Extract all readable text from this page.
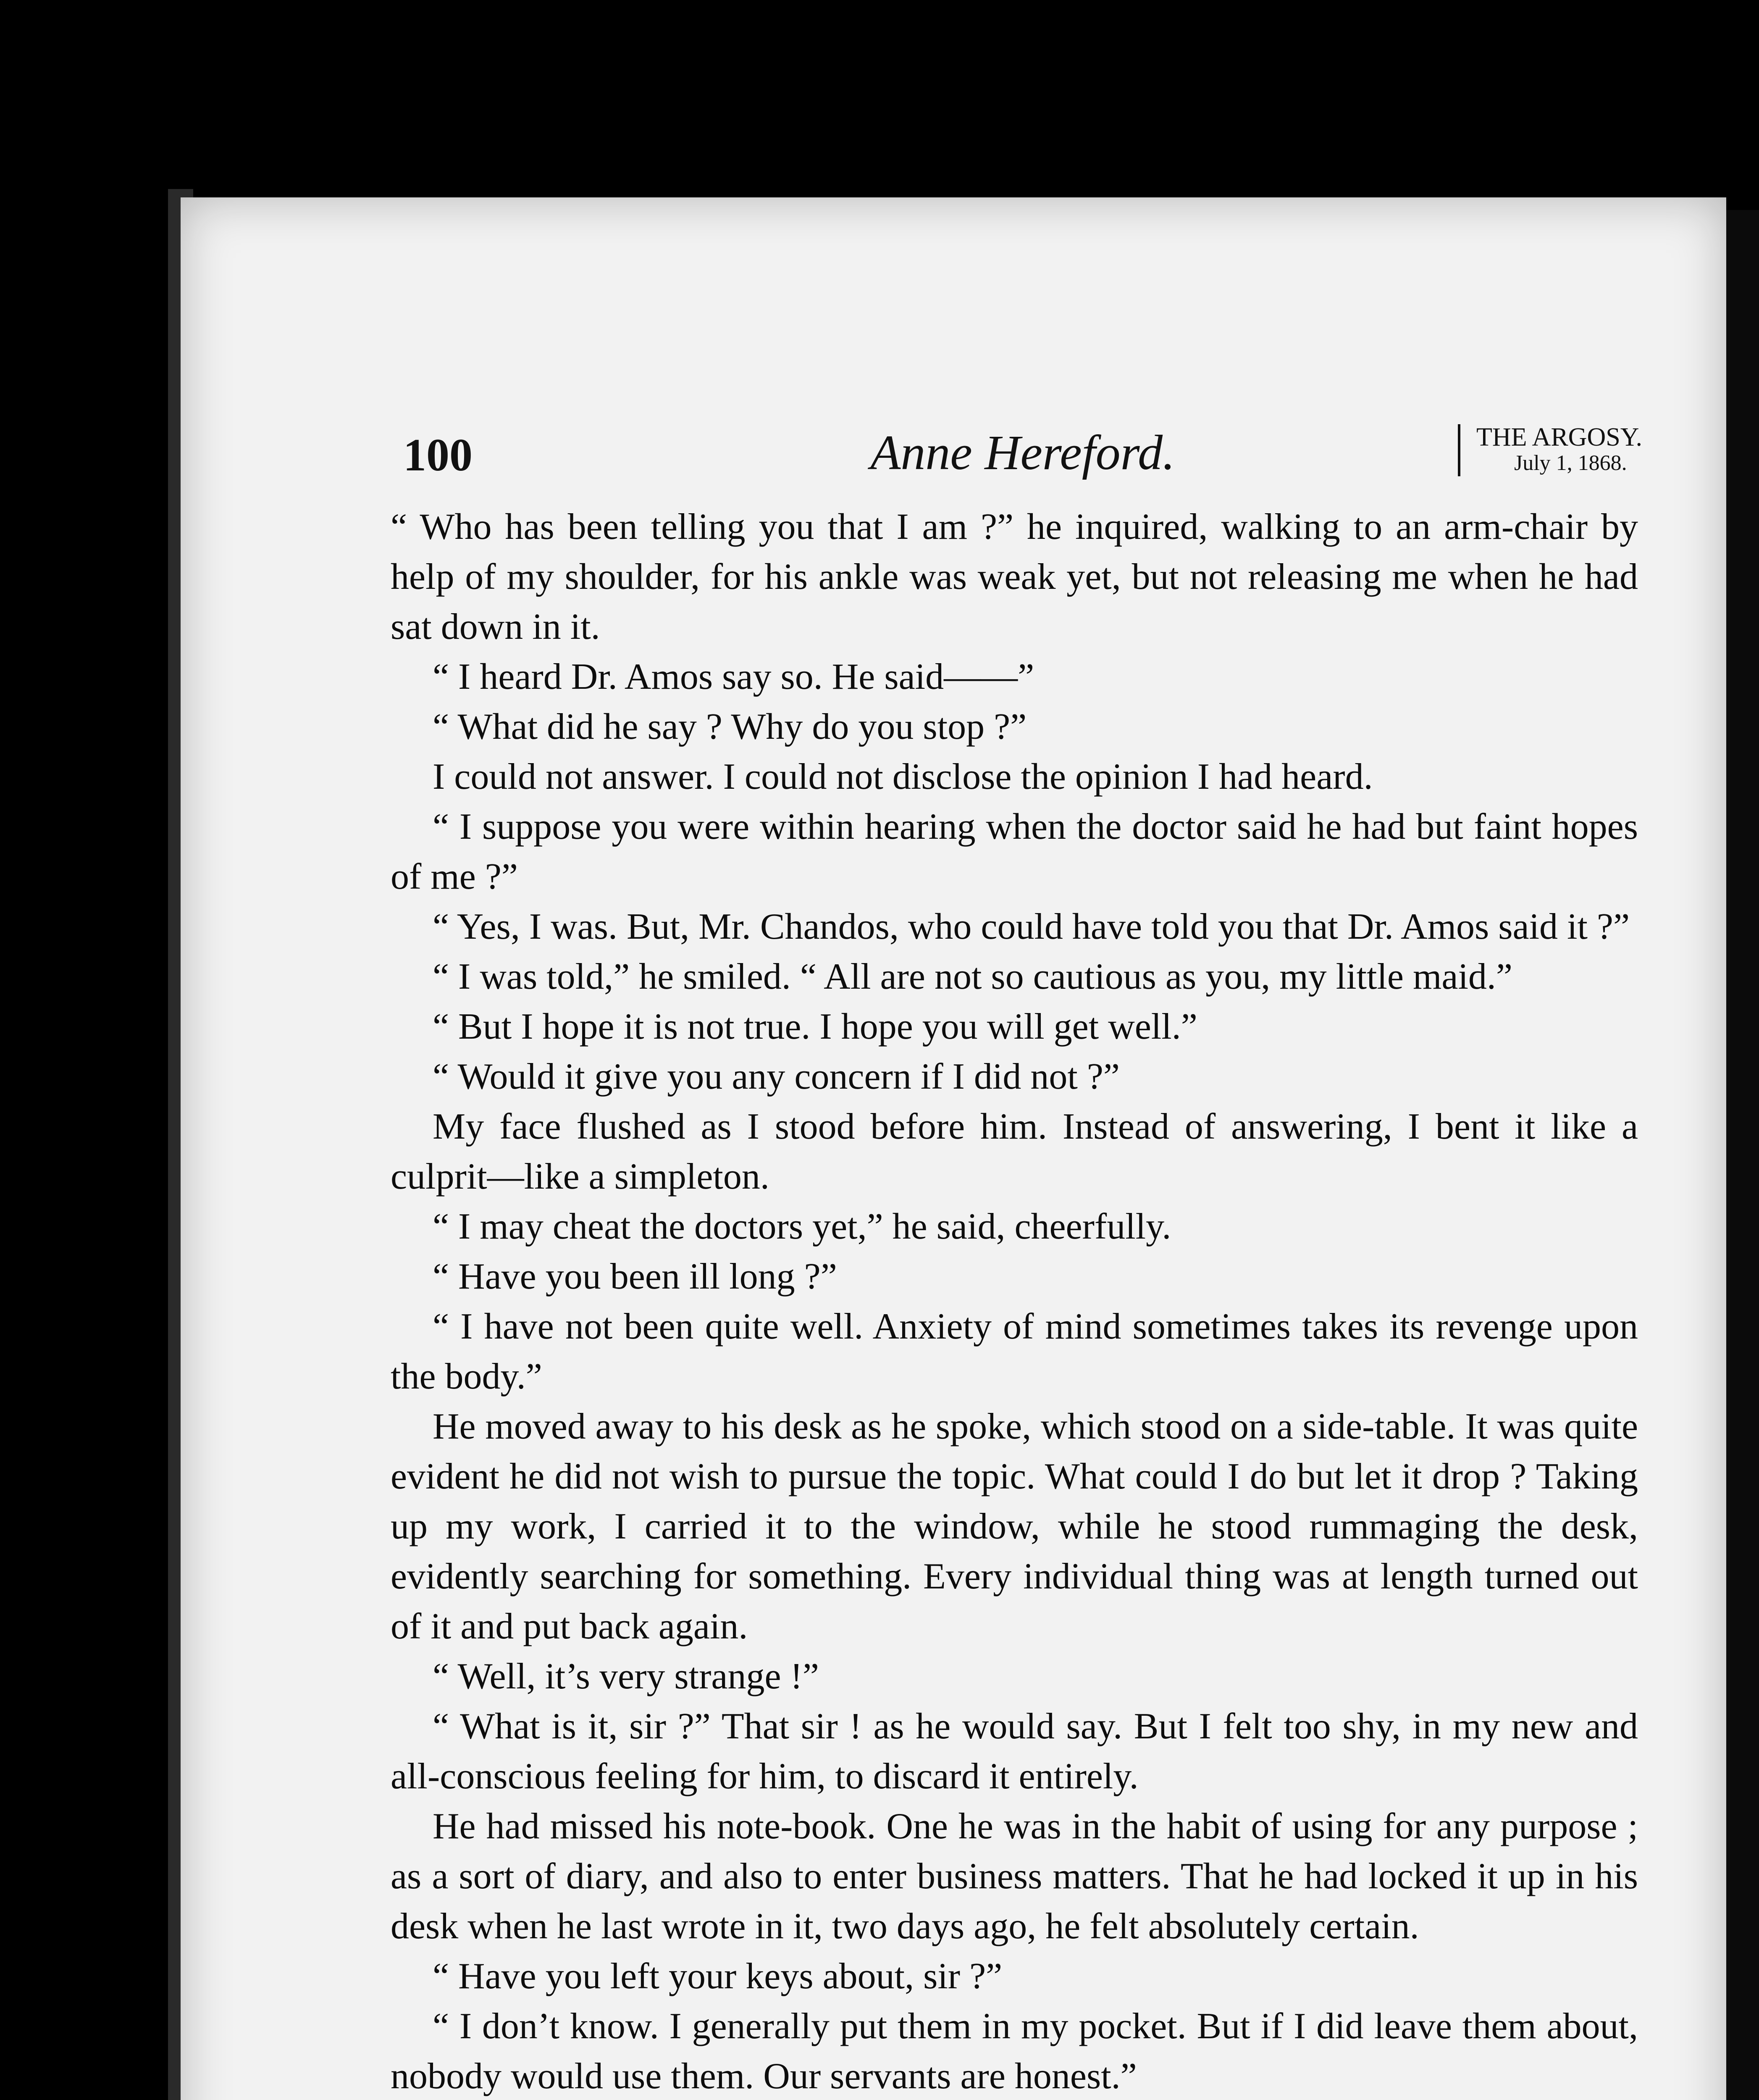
100	Anne Hereford.	THE ARGOSY.
July 1, 1868.

“ Who has been telling you that I am ?” he inquired, walking to an arm-chair by help of my shoulder, for his ankle was weak yet, but not releasing me when he had sat down in it.

“ I heard Dr. Amos say so. He said——”

“ What did he say ? Why do you stop ?”

I could not answer. I could not disclose the opinion I had heard.

“ I suppose you were within hearing when the doctor said he had but faint hopes of me ?”

“ Yes, I was. But, Mr. Chandos, who could have told you that Dr. Amos said it ?”

“ I was told,” he smiled. “ All are not so cautious as you, my little maid.”

“ But I hope it is not true. I hope you will get well.”

“ Would it give you any concern if I did not ?”

My face flushed as I stood before him. Instead of answering, I bent it like a culprit—like a simpleton.

“ I may cheat the doctors yet,” he said, cheerfully.

“ Have you been ill long ?”

“ I have not been quite well. Anxiety of mind sometimes takes its revenge upon the body.”

He moved away to his desk as he spoke, which stood on a side-table. It was quite evident he did not wish to pursue the topic. What could I do but let it drop ? Taking up my work, I carried it to the window, while he stood rummaging the desk, evidently searching for something. Every individual thing was at length turned out of it and put back again.

“ Well, it’s very strange !”

“ What is it, sir ?” That sir ! as he would say. But I felt too shy, in my new and all-conscious feeling for him, to discard it entirely.

He had missed his note-book. One he was in the habit of using for any purpose ; as a sort of diary, and also to enter business matters. That he had locked it up in his desk when he last wrote in it, two days ago, he felt absolutely certain.

“ Have you left your keys about, sir ?”

“ I don’t know. I generally put them in my pocket. But if I did leave them about, nobody would use them. Our servants are honest.”
